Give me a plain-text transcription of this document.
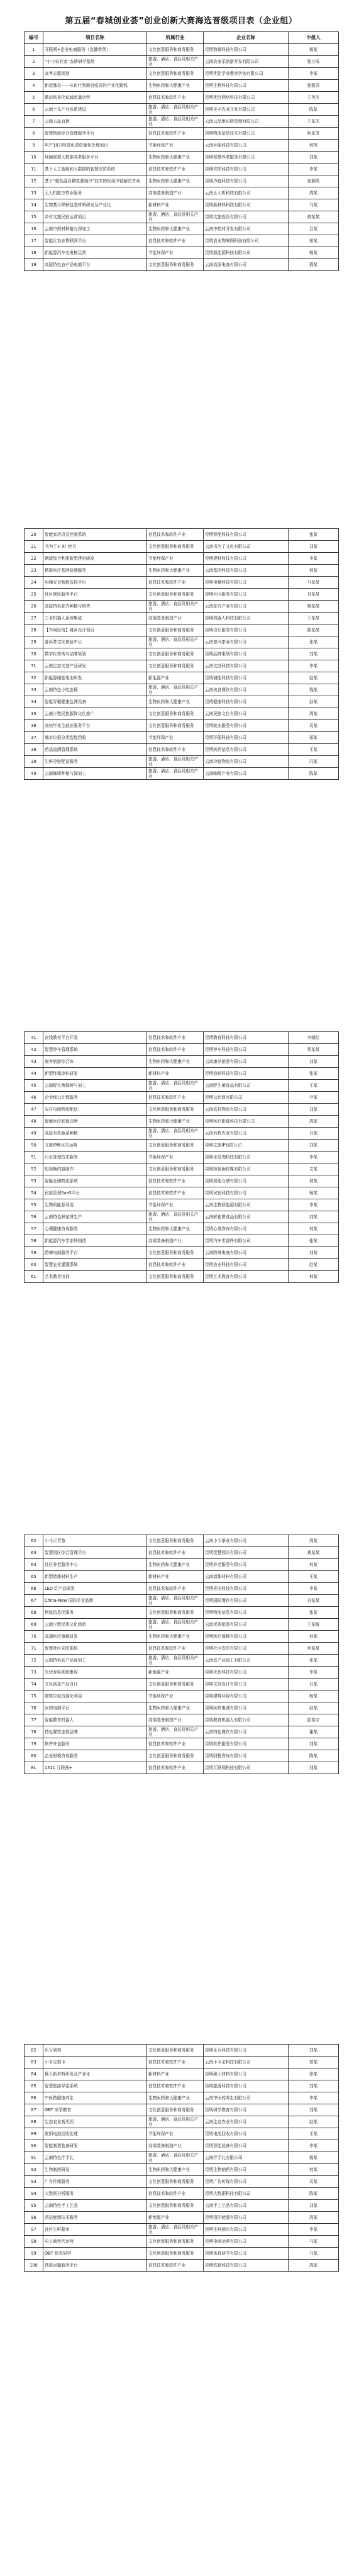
第五届“春城创业荟”创业创新大赛海选晋级项目表（企业组）
编号	项目名称	所属行业	企业名称	申报人
1	互联网+企业电商服务（直播带货）	文化创意服务和商务服务	昆明数媒科技有限公司	杨某
2	“小小农业家”农耕研学基地	旅游、酒店、食品及相关产业	云南农家乐旅游开发有限公司	张万成
3	高考志愿规划	文化创意服务和商务服务	昆明优佳学业教育咨询有限公司	李某
4	新冠肺炎——从化疗到新冠疫苗的产业化路线	生物医药和大健康产业	昆明生物科技有限公司	张懿芬
5	微信场景化私域流量运营	信息技术和软件产业	昆明优创网络科技有限公司	王英杰
6	云南土东产业体系建设	旅游、酒店、食品及相关产业	昆明美丰农业开发有限公司	陈某
7	云南云品直供	旅游、酒店、食品及相关产业	云南云品供应链管理有限公司	王某杰
8	智慧物流综合管理服务平台	信息技术和软件产业	昆明物流信息技术有限公司	柯某芳
9	年产10万吨苛化渣资源化处理项目	节能环保产业	云南环保科技有限公司	何英
10	环颐智慧大数据养老服务平台	生物医药和大健康产业	昆明智慧养老服务有限公司	刘某
11	基于人工智能和大数据的智慧安防系统	信息技术和软件产业	昆明安防科技有限公司	李某
12	基于“超低温自耦复叠制冷”技术的医用冷链解决方案	生物医药和大健康产业	昆明冷链科技有限公司	张娴凤
13	无人机航空作业服务	高端装备制造产业	云南无人机科技有限公司	周某
14	生物基可降解包装材料研发及产业化	新材料产业	昆明新材料科技有限公司	马某
15	乡村文旅民宿运营项目	旅游、酒店、食品及相关产业	昆明文旅投资有限公司	韩某某
16	云南中药材种植与深加工	生物医药和大健康产业	云南中药材开发有限公司	吕某
17	智能化农业物联网平台	信息技术和软件产业	昆明农业物联网科技有限公司	郑某
18	新能源汽车充电桩运营	节能环保产业	昆明新能源科技有限公司	杨某
19	高原特色农产品电商平台	文化创意服务和商务服务	云南高原电商有限公司	程某
20	智能家居语音控制系统	信息技术和软件产业	昆明智能科技有限公司	张某
21	书为了+ X² 读书	文化创意服务和商务服务	云南书为了文化有限公司	刘某
22	钢渣综合利用新型建材研发	节能环保产业	昆明建材科技有限公司	李某
23	精准医疗基因检测服务	生物医药和大健康产业	云南基因科技有限公司	何某
24	电梯安全智能监控平台	信息技术和软件产业	昆明电梯科技有限公司	马某某
25	社区便民服务平台	文化创意服务和商务服务	昆明社区服务有限公司	刘某某
26	高原特色花卉种植与销售	旅游、酒店、食品及相关产业	云南花卉产业有限公司	杨某某
27	工业机器人系统集成	高端装备制造产业	昆明机器人科技有限公司	王某某
28	【车间民宿】城乡设计项目	文化创意服务和商务服务	昆明设计服务有限公司	陈某某
29	普洱茶文化体验中心	旅游、酒店、食品及相关产业	云南普洱茶业有限公司	张某
30	数字化营销与品牌策划	文化创意服务和商务服务	昆明品牌策划有限公司	刘某
31	云南生态文创产品研发	文化创意服务和商务服务	云南文创科技有限公司	李某
32	新能源储能电池研发	新能源产业	昆明储能科技有限公司	赵某
33	云南特色小吃连锁	旅游、酒店、食品及相关产业	云南美食餐饮有限公司	钱某
34	智能穿戴健康监测设备	生物医药和大健康产业	昆明健康科技有限公司	孙某
35	云南少数民族服饰文化推广	文化创意服务和商务服务	云南民族文化有限公司	周某
36	高校毕业生就业服务平台	文化创意服务和商务服务	昆明就业服务有限公司	吴某
37	城市垃圾分类智能回收	节能环保产业	昆明环保科技有限公司	郑某
38	药品追溯管理系统	信息技术和软件产业	昆明医药信息有限公司	王某
39	生鲜冷链配送服务	旅游、酒店、食品及相关产业	云南冷链物流有限公司	冯某
40	云南咖啡种植与深加工	旅游、酒店、食品及相关产业	云南咖啡产业有限公司	陈某
41	在线教育平台开发	信息技术和软件产业	昆明教育科技有限公司	李晓红
42	智慧停车管理系统	信息技术和软件产业	昆明停车科技有限公司	蔡某某
43	康养旅游综合体	生物医药和大健康产业	云南康养旅游有限公司	刘某
44	新型环保涂料研发	新材料产业	昆明涂料科技有限公司	张某
45	云南野生菌保鲜与加工	旅游、酒店、食品及相关产业	云南野生菌食品有限公司	王某
46	企业级云计算服务	信息技术和软件产业	昆明云计算有限公司	尹某
47	农村电商物流配送	文化创意服务和商务服务	云南农村物流有限公司	刘某
48	智能医疗影像诊断	生物医药和大健康产业	昆明医疗影像科技有限公司	周某
49	高原有机蔬菜种植	旅游、酒店、食品及相关产业	云南有机农业有限公司	吕某
50	文旅IP孵化与运营	文化创意服务和商务服务	昆明文旅IP有限公司	刘某
51	污水处理技术服务	节能环保产业	昆明水处理科技有限公司	李某
52	短视频内容制作	文化创意服务和商务服务	昆明短视频传媒有限公司	文某
53	智能仓储物流系统	信息技术和软件产业	昆明智能仓储有限公司	何某
54	民宿管理SaaS平台	信息技术和软件产业	昆明民宿科技有限公司	杨某
55	生物质能源利用	节能环保产业	云南生物质能源有限公司	李某
56	云南特色鲜花饼生产	旅游、酒店、食品及相关产业	云南鲜花饼食品有限公司	刘某
57	心理健康咨询服务	生物医药和大健康产业	昆明心理咨询有限公司	何某
58	新能源汽车零部件制造	高端装备制造产业	昆明汽车零部件有限公司	张某
59	跨境电商服务平台	文化创意服务和商务服务	云南跨境电商有限公司	刘某
60	智慧农业灌溉系统	信息技术和软件产业	昆明农业科技有限公司	赵某
61	艺术教育培训	文化创意服务和商务服务	昆明艺术教育有限公司	林某
62	小斗正青茶	文化创意服务和商务服务	云南小斗茶业有限公司	周某
63	智慧园区综合管理平台	信息技术和软件产业	昆明智慧园区有限公司	黄某某
64	社区养老服务中心	生物医药和大健康产业	昆明养老服务有限公司	何某
65	新型墙体材料生产	新材料产业	云南墙体材料有限公司	王某
66	LED 灯产品研发	信息技术和软件产业	昆明光电科技有限公司	李某
67	China-New 国际美食品牌	旅游、酒店、食品及相关产业	昆明国际餐饮有限公司	刘某某
68	物流信息化服务	文化创意服务和商务服务	昆明物流信息有限公司	张某
69	云南少数民族文化旅游	旅游、酒店、食品及相关产业	云南民族旅游有限公司	王某敏
70	高端医疗器械研发	生物医药和大健康产业	昆明医疗器械有限公司	孙某
71	智慧社区安防系统	信息技术和软件产业	昆明社区安防有限公司	何某某
72	云南特色农产品深加工	旅游、酒店、食品及相关产业	云南农产品加工有限公司	张某
73	光伏发电系统集成	新能源产业	昆明光伏科技有限公司	李某
74	文化创意产品设计	文化创意服务和商务服务	昆明文创设计有限公司	吕某
75	建筑垃圾资源化利用	节能环保产业	昆明建筑环保有限公司	杨某
76	医药电商平台	生物医药和大健康产业	昆明医药电商有限公司	赵某
77	智能教育机器人	高端装备制造产业	昆明教育机器人有限公司	彭某宇
78	特色餐饮连锁品牌	旅游、酒店、食品及相关产业	云南特色餐饮有限公司	谢某
79	软件外包服务	信息技术和软件产业	昆明软件服务有限公司	刘某
80	企业财税咨询服务	文化创意服务和商务服务	昆明财税咨询有限公司	陈某
81	1511 互联网+	信息技术和软件产业	昆明互联网科技有限公司	刘某
82	乐互划得	文化创意服务和商务服务	昆明乐互科技有限公司	刘某
83	小卡宝借卡	信息技术和软件产业	云南小卡宝科技有限公司	郑某
84	稀土新材料研发及产业化	新材料产业	昆明稀土材料有限公司	徐某
85	智慧旅游导览系统	信息技术和软件产业	昆明旅游科技有限公司	刘某
86	中医药健康养生	生物医药和大健康产业	云南中医药养生有限公司	李某
87	OBT 研学教育	文化创意服务和商务服务	昆明研学教育有限公司	刘某
88	生态农业观光园	旅游、酒店、食品及相关产业	云南生态农业有限公司	赵某
89	废旧电池回收处理	节能环保产业	昆明电池回收有限公司	王某
90	智能制造装备研发	高端装备制造产业	昆明智能装备有限公司	李某
91	云南特色伴手礼	旅游、酒店、食品及相关产业	云南伴手礼有限公司	杨某
92	生物制药研发	生物医药和大健康产业	昆明生物制药有限公司	何某
93	广告传媒服务	文化创意服务和商务服务	昆明广告传媒有限公司	吴某
94	大数据分析服务	信息技术和软件产业	昆明大数据科技有限公司	陈某
95	云南特色手工艺品	文化创意服务和商务服务	云南手工艺品有限公司	刘某
96	清洁能源技术服务	新能源产业	昆明清洁能源有限公司	周某
97	社区生鲜超市	旅游、酒店、食品及相关产业	昆明生鲜超市有限公司	李某
98	电子商务代运营	文化创意服务和商务服务	昆明电商运营有限公司	马某
99	OBT 体育研学	文化创意服务和商务服务	昆明体育研学有限公司	马某
100	铁路运输服务平台	信息技术和软件产业	昆明铁路科技有限公司	周某
